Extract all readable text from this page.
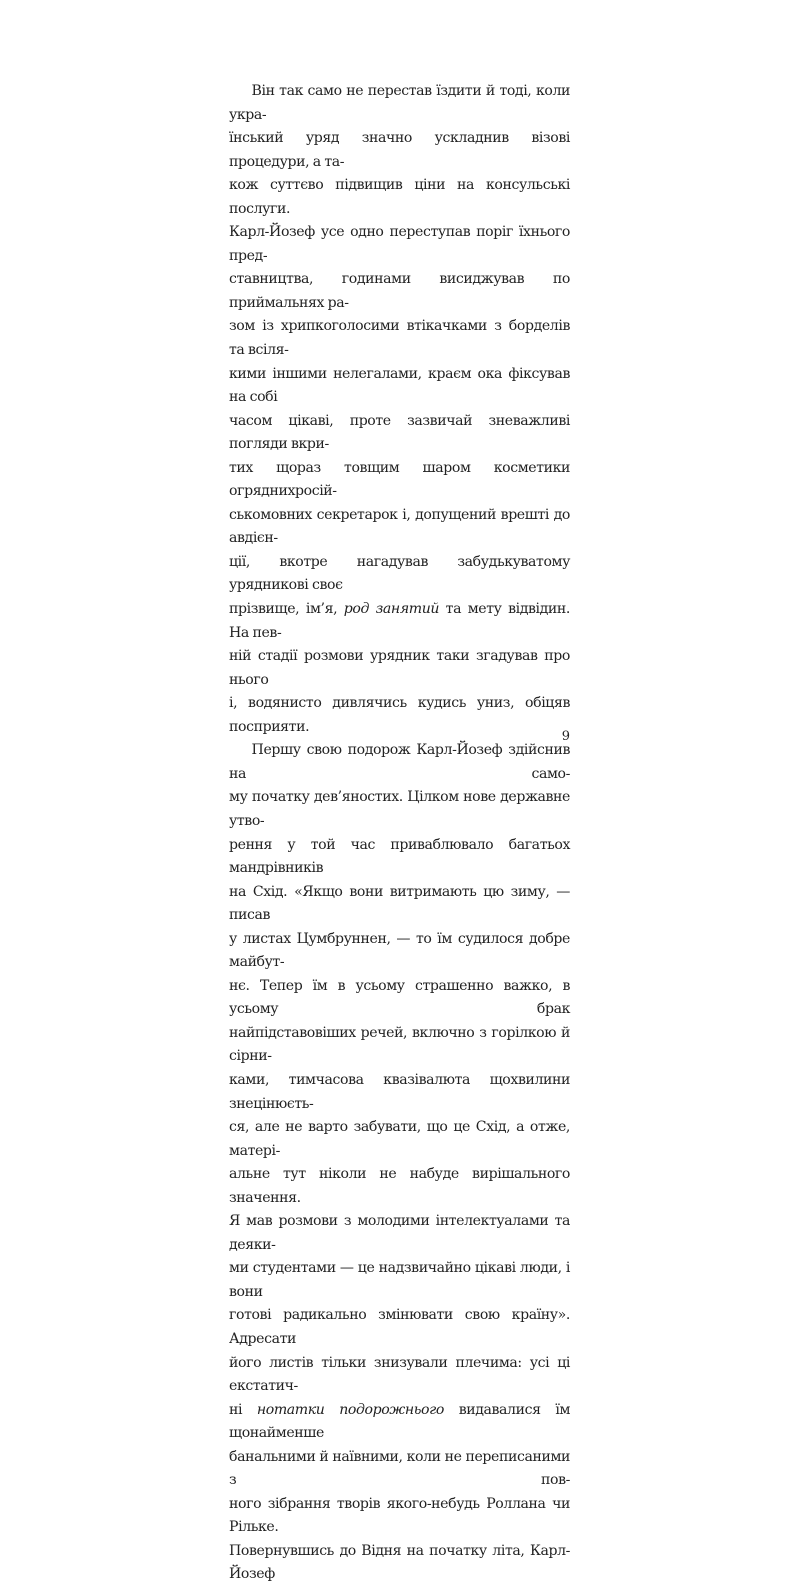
Він так само не перестав їздити й тоді, коли укра-
їнський уряд значно ускладнив візові процедури, а та-
кож суттєво підвищив ціни на консульські послуги.
Карл-Йозеф усе одно переступав поріг їхнього пред-
ставництва, годинами висиджував по приймальнях ра-
зом із хрипкоголосими втікачками з борделів та всіля-
кими іншими нелегалами, краєм ока фіксував на собі
часом цікаві, проте зазвичай зневажливі погляди вкри-
тих щораз товщим шаром косметики огряднихросій-
ськомовних секретарок і, допущений врешті до авдієн-
ції, вкотре нагадував забудькуватому урядникові своє
прізвище, ім’я, род занятий та мету відвідин. На пев-
ній стадії розмови урядник таки згадував про нього
і, водянисто дивлячись кудись униз, обіцяв посприяти.

Першу свою подорож Карл-Йозеф здійснив на само-
му початку дев’яностих. Цілком нове державне утво-
рення у той час приваблювало багатьох мандрівників
на Схід. «Якщо вони витримають цю зиму, — писав
у листах Цумбруннен, — то їм судилося добре майбут-
нє. Тепер їм в усьому страшенно важко, в усьому брак
найпідставовіших речей, включно з горілкою й сірни-
ками, тимчасова квазівалюта щохвилини знецінюєть-
ся, але не варто забувати, що це Схід, а отже, матері-
альне тут ніколи не набуде вирішального значення.
Я мав розмови з молодими інтелектуалами та деяки-
ми студентами — це надзвичайно цікаві люди, і вони
готові радикально змінювати свою країну». Адресати
його листів тільки знизували плечима: усі ці екстатич-
ні нотатки подорожнього видавалися їм щонайменше
банальними й наївними, коли не переписаними з пов-
ного зібрання творів якого-небудь Роллана чи Рільке.
Повернувшись до Відня на початку літа, Карл-Йозеф

9
